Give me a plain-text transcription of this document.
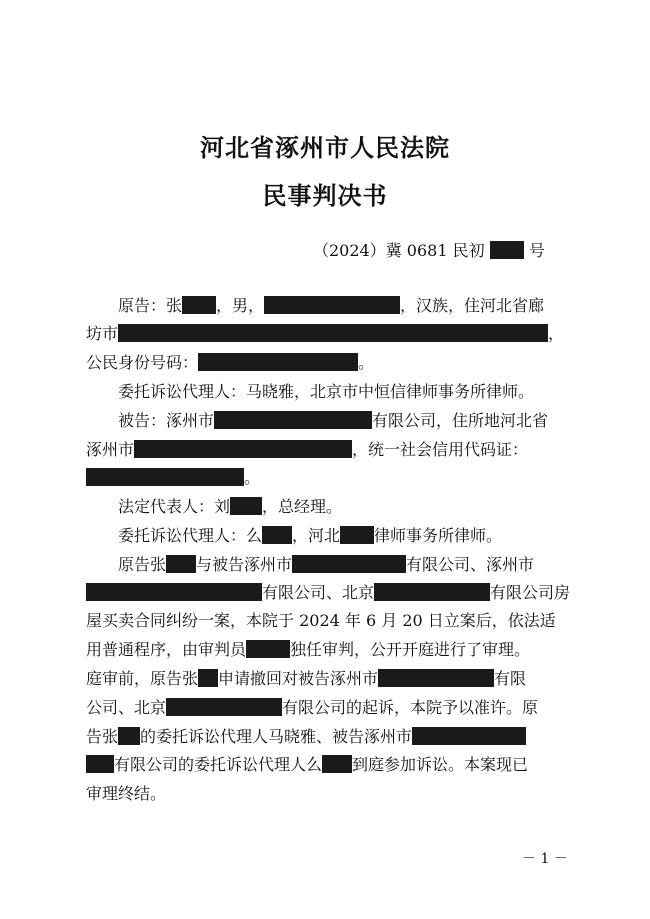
河北省涿州市人民法院
民事判决书
（2024）冀 0681 民初	号
原告：张 ，男，	，汉族，住河北省廊
坊市	，
公民身份号码：	。
委托诉讼代理人：马晓雅，北京市中恒信律师事务所律师。
被告：涿州市	有限公司，住所地河北省
涿州市	，统一社会信用代码证：
。
法定代表人：刘 ，总经理。
委托诉讼代理人：么 ，河北 律师事务所律师。
原告张 与被告涿州市	有限公司、涿州市
有限公司、北京	有限公司房
屋买卖合同纠纷一案，本院于 2024 年 6 月 20 日立案后，依法适
用普通程序，由审判员	独任审判，公开开庭进行了审理。
庭审前，原告张 申请撤回对被告涿州市	有限
公司、北京	有限公司的起诉，本院予以准许。原
告张 的委托诉讼代理人马晓雅、被告涿州市
有限公司的委托诉讼代理人么 到庭参加诉讼。本案现已
审理终结。
－ 1 －
